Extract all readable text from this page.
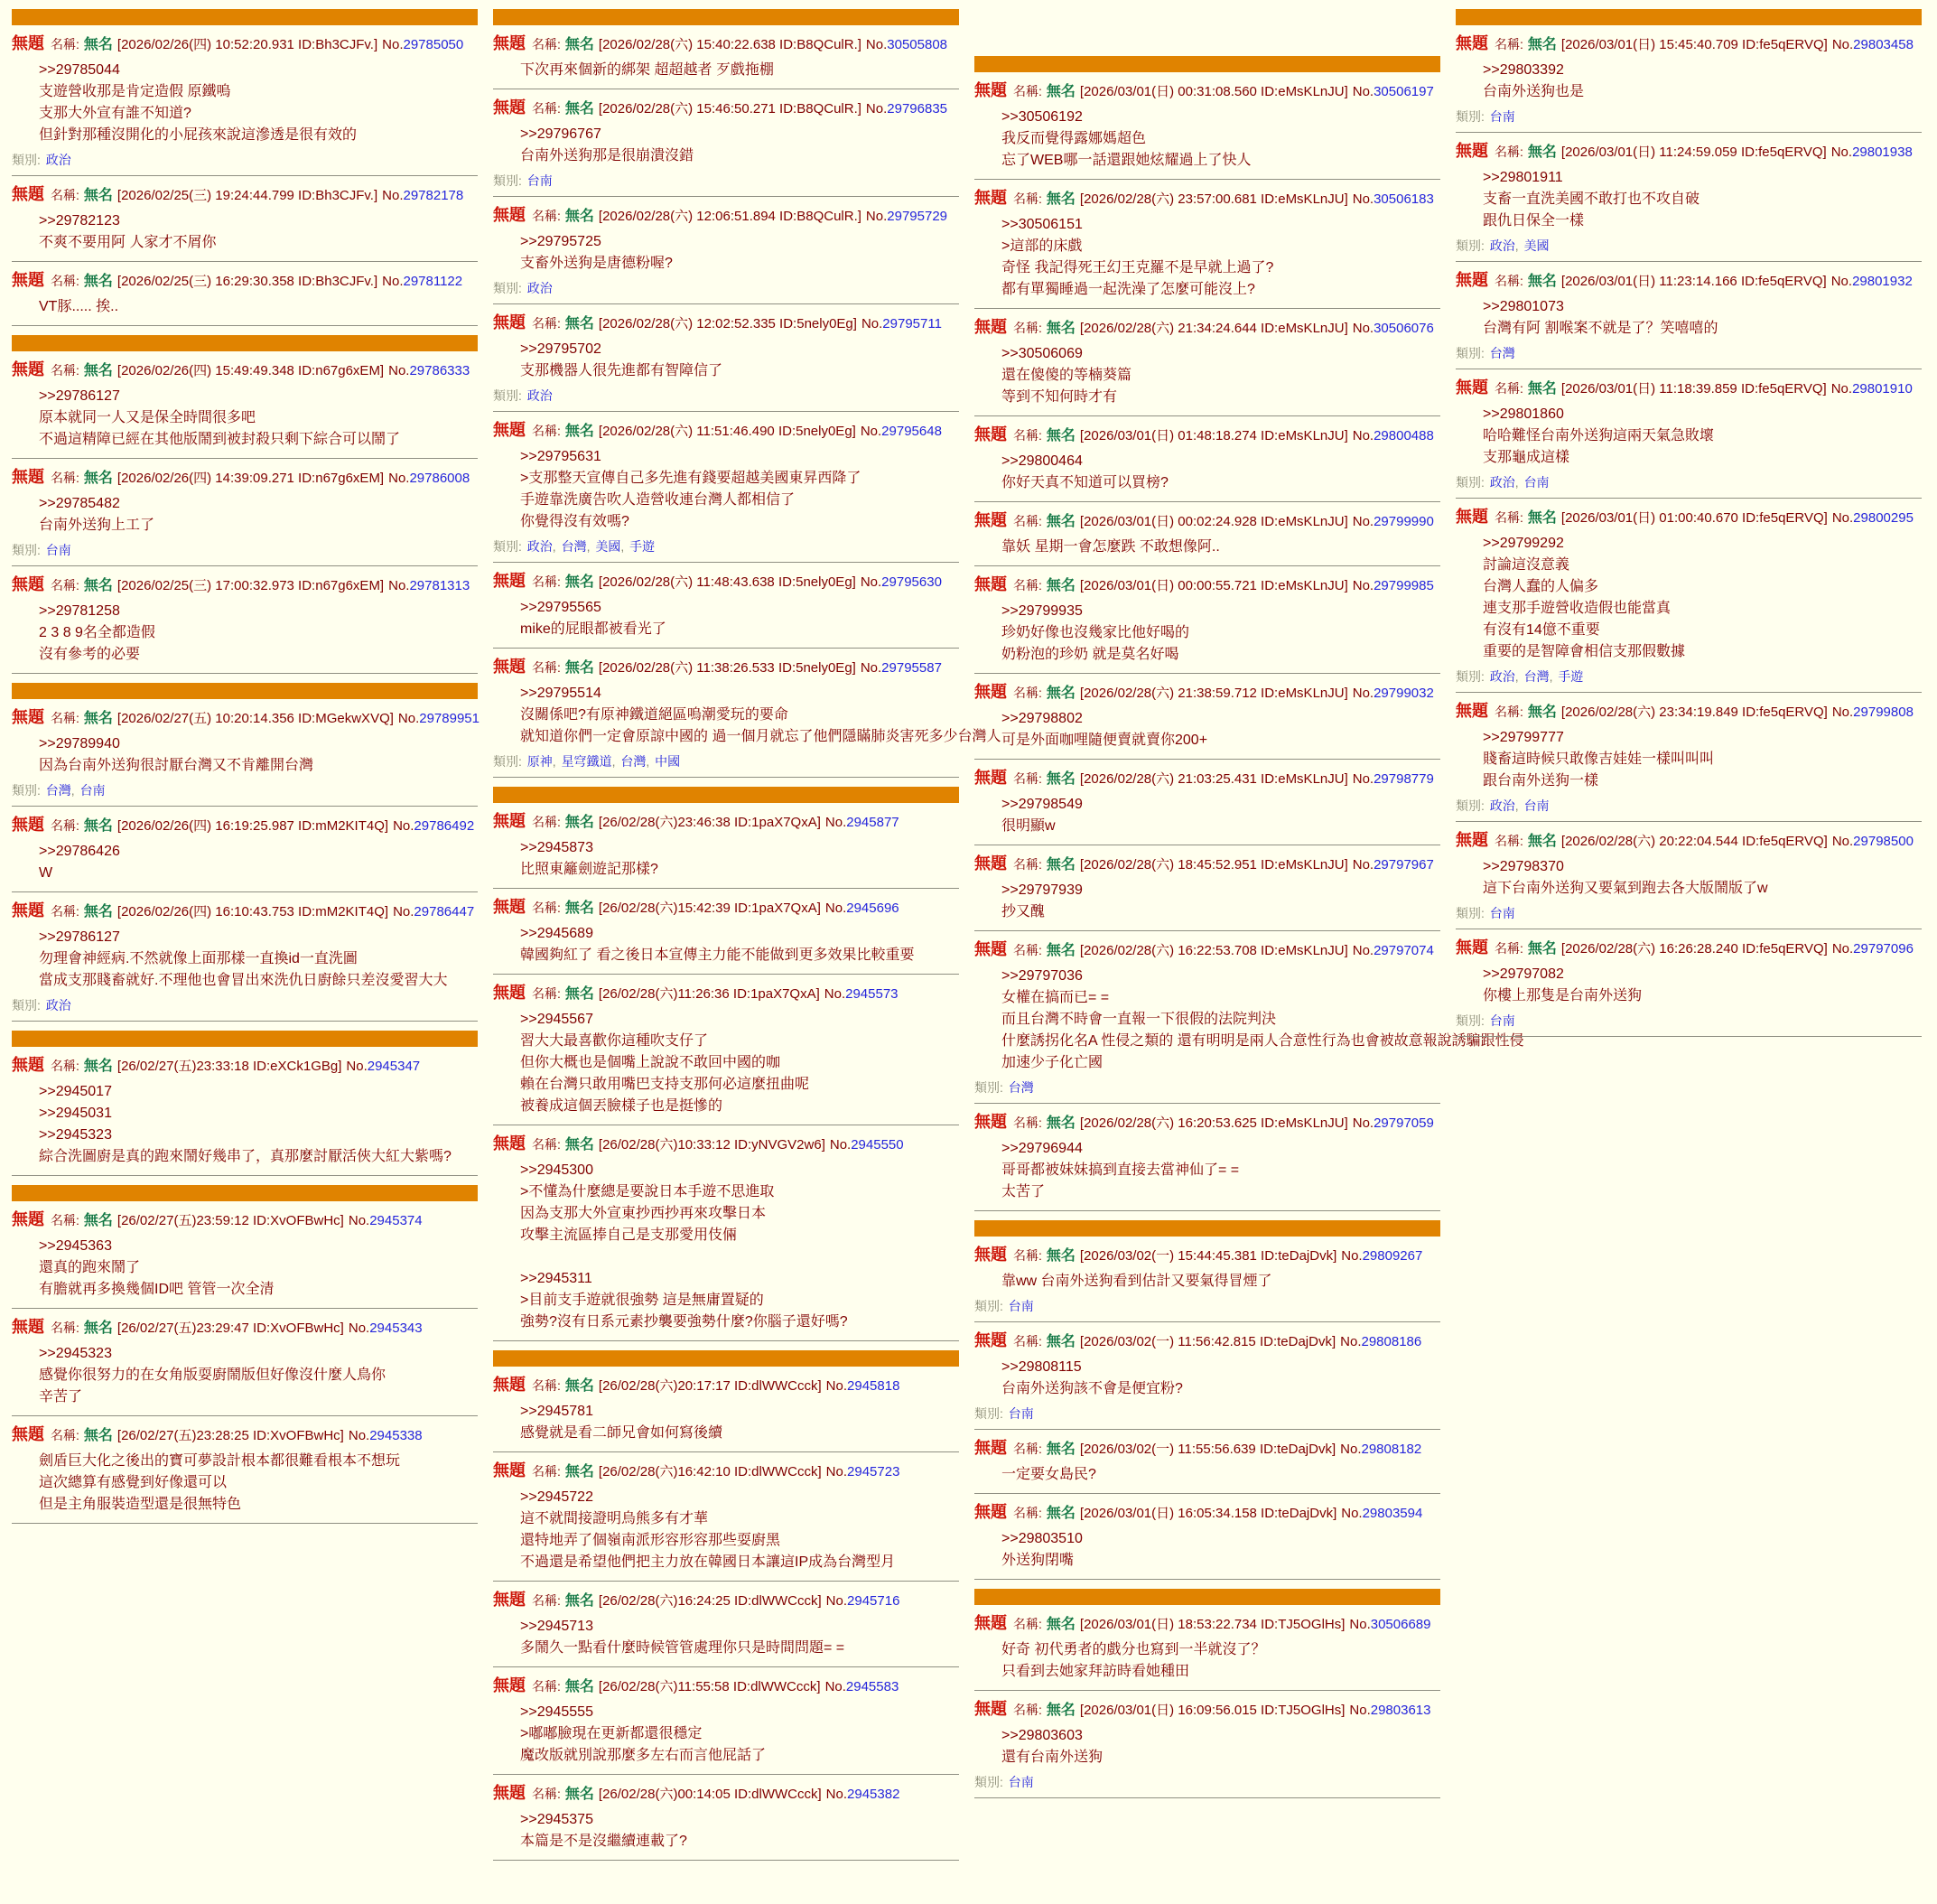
無題 名稱: 無名 [2026/02/26(四) 10:52:20.931 ID:Bh3CJFv.] No.29785050
>>29785044
支遊營收那是肯定造假 原鐵嗚
支那大外宣有誰不知道?
但針對那種沒開化的小屁孩來說這滲透是很有效的
類別: 政治
無題 名稱: 無名 [2026/02/25(三) 19:24:44.799 ID:Bh3CJFv.] No.29782178
>>29782123
不爽不要用阿 人家才不屑你
無題 名稱: 無名 [2026/02/25(三) 16:29:30.358 ID:Bh3CJFv.] No.29781122
VT豚..... 挨..
無題 名稱: 無名 [2026/02/26(四) 15:49:49.348 ID:n67g6xEM] No.29786333
>>29786127
原本就同一人又是保全時間很多吧
不過這精障已經在其他版鬧到被封殺只剩下綜合可以鬧了
無題 名稱: 無名 [2026/02/26(四) 14:39:09.271 ID:n67g6xEM] No.29786008
>>29785482
台南外送狗上工了
類別: 台南
無題 名稱: 無名 [2026/02/25(三) 17:00:32.973 ID:n67g6xEM] No.29781313
>>29781258
2 3 8 9名全都造假
沒有參考的必要
無題 名稱: 無名 [2026/02/27(五) 10:20:14.356 ID:MGekwXVQ] No.29789951
>>29789940
因為台南外送狗很討厭台灣又不肯離開台灣
類別: 台灣, 台南
無題 名稱: 無名 [2026/02/26(四) 16:19:25.987 ID:mM2KIT4Q] No.29786492
>>29786426
W
無題 名稱: 無名 [2026/02/26(四) 16:10:43.753 ID:mM2KIT4Q] No.29786447
>>29786127
勿理會神經病.不然就像上面那樣一直換id一直洗圖
當成支那賤畜就好.不理他也會冒出來洗仇日廚餘只差沒愛習大大
類別: 政治
無題 名稱: 無名 [26/02/27(五)23:33:18 ID:eXCk1GBg] No.2945347
>>2945017
>>2945031
>>2945323
綜合洗圖廚是真的跑來鬧好幾串了，真那麼討厭活俠大紅大紫嗎?
無題 名稱: 無名 [26/02/27(五)23:59:12 ID:XvOFBwHc] No.2945374
>>2945363
還真的跑來鬧了
有膽就再多換幾個ID吧 管管一次全清
無題 名稱: 無名 [26/02/27(五)23:29:47 ID:XvOFBwHc] No.2945343
>>2945323
感覺你很努力的在女角版耍廚鬧版但好像沒什麼人鳥你
辛苦了
無題 名稱: 無名 [26/02/27(五)23:28:25 ID:XvOFBwHc] No.2945338
劍盾巨大化之後出的寶可夢設計根本都很難看根本不想玩
這次總算有感覺到好像還可以
但是主角服裝造型還是很無特色
無題 名稱: 無名 [2026/02/28(六) 15:40:22.638 ID:B8QCulR.] No.30505808
下次再來個新的綁架 超超越者 歹戲拖棚
無題 名稱: 無名 [2026/02/28(六) 15:46:50.271 ID:B8QCulR.] No.29796835
>>29796767
台南外送狗那是很崩潰沒錯
類別: 台南
無題 名稱: 無名 [2026/02/28(六) 12:06:51.894 ID:B8QCulR.] No.29795729
>>29795725
支畜外送狗是唐德粉喔?
類別: 政治
無題 名稱: 無名 [2026/02/28(六) 12:02:52.335 ID:5nely0Eg] No.29795711
>>29795702
支那機器人很先進都有智障信了
類別: 政治
無題 名稱: 無名 [2026/02/28(六) 11:51:46.490 ID:5nely0Eg] No.29795648
>>29795631
>支那整天宣傳自己多先進有錢要超越美國東昇西降了
手遊靠洗廣告吹人造營收連台灣人都相信了
你覺得沒有效嗎?
類別: 政治, 台灣, 美國, 手遊
無題 名稱: 無名 [2026/02/28(六) 11:48:43.638 ID:5nely0Eg] No.29795630
>>29795565
mike的屁眼都被看光了
無題 名稱: 無名 [2026/02/28(六) 11:38:26.533 ID:5nely0Eg] No.29795587
>>29795514
沒關係吧?有原神鐵道絕區嗚潮愛玩的要命
就知道你們一定會原諒中國的 過一個月就忘了他們隱瞞肺炎害死多少台灣人
類別: 原神, 星穹鐵道, 台灣, 中國
無題 名稱: 無名 [26/02/28(六)23:46:38 ID:1paX7QxA] No.2945877
>>2945873
比照東籬劍遊記那樣?
無題 名稱: 無名 [26/02/28(六)15:42:39 ID:1paX7QxA] No.2945696
>>2945689
韓國夠紅了 看之後日本宣傳主力能不能做到更多效果比較重要
無題 名稱: 無名 [26/02/28(六)11:26:36 ID:1paX7QxA] No.2945573
>>2945567
習大大最喜歡你這種吹支仔了
但你大概也是個嘴上說說不敢回中國的咖
賴在台灣只敢用嘴巴支持支那何必這麼扭曲呢
被養成這個丟臉樣子也是挺慘的
無題 名稱: 無名 [26/02/28(六)10:33:12 ID:yNVGV2w6] No.2945550
>>2945300
>不懂為什麼總是要說日本手遊不思進取
因為支那大外宣東抄西抄再來攻擊日本
攻擊主流區捧自己是支那愛用伎倆

>>2945311
>目前支手遊就很強勢 這是無庸置疑的
強勢?沒有日系元素抄襲要強勢什麼?你腦子還好嗎?
無題 名稱: 無名 [26/02/28(六)20:17:17 ID:dlWWCcck] No.2945818
>>2945781
感覺就是看二師兄會如何寫後續
無題 名稱: 無名 [26/02/28(六)16:42:10 ID:dlWWCcck] No.2945723
>>2945722
這不就間接證明烏熊多有才華
還特地弄了個嶺南派形容形容那些耍廚黑
不過還是希望他們把主力放在韓國日本讓這IP成為台灣型月
無題 名稱: 無名 [26/02/28(六)16:24:25 ID:dlWWCcck] No.2945716
>>2945713
多鬧久一點看什麼時候管管處理你只是時間問題= =
無題 名稱: 無名 [26/02/28(六)11:55:58 ID:dlWWCcck] No.2945583
>>2945555
>嘟嘟臉現在更新都還很穩定
魔改版就別說那麼多左右而言他屁話了
無題 名稱: 無名 [26/02/28(六)00:14:05 ID:dlWWCcck] No.2945382
>>2945375
本篇是不是沒繼續連載了?
無題 名稱: 無名 [2026/03/01(日) 00:31:08.560 ID:eMsKLnJU] No.30506197
>>30506192
我反而覺得露娜媽超色
忘了WEB哪一話還跟她炫耀過上了快人
無題 名稱: 無名 [2026/02/28(六) 23:57:00.681 ID:eMsKLnJU] No.30506183
>>30506151
>這部的床戲
奇怪 我記得死王幻王克羅不是早就上過了?
都有單獨睡過一起洗澡了怎麼可能沒上?
無題 名稱: 無名 [2026/02/28(六) 21:34:24.644 ID:eMsKLnJU] No.30506076
>>30506069
還在傻傻的等楠葵篇
等到不知何時才有
無題 名稱: 無名 [2026/03/01(日) 01:48:18.274 ID:eMsKLnJU] No.29800488
>>29800464
你好天真不知道可以買榜?
無題 名稱: 無名 [2026/03/01(日) 00:02:24.928 ID:eMsKLnJU] No.29799990
靠妖 星期一會怎麼跌 不敢想像阿..
無題 名稱: 無名 [2026/03/01(日) 00:00:55.721 ID:eMsKLnJU] No.29799985
>>29799935
珍奶好像也沒幾家比他好喝的
奶粉泡的珍奶 就是莫名好喝
無題 名稱: 無名 [2026/02/28(六) 21:38:59.712 ID:eMsKLnJU] No.29799032
>>29798802
可是外面咖哩隨便賣就賣你200+
無題 名稱: 無名 [2026/02/28(六) 21:03:25.431 ID:eMsKLnJU] No.29798779
>>29798549
很明顯w
無題 名稱: 無名 [2026/02/28(六) 18:45:52.951 ID:eMsKLnJU] No.29797967
>>29797939
抄又醜
無題 名稱: 無名 [2026/02/28(六) 16:22:53.708 ID:eMsKLnJU] No.29797074
>>29797036
女權在搞而已= =
而且台灣不時會一直報一下很假的法院判決
什麼誘拐化名A 性侵之類的 還有明明是兩人合意性行為也會被故意報說誘騙跟性侵
加速少子化亡國
類別: 台灣
無題 名稱: 無名 [2026/02/28(六) 16:20:53.625 ID:eMsKLnJU] No.29797059
>>29796944
哥哥都被妹妹搞到直接去當神仙了= =
太苦了
無題 名稱: 無名 [2026/03/02(一) 15:44:45.381 ID:teDajDvk] No.29809267
靠ww 台南外送狗看到估計又要氣得冒煙了
類別: 台南
無題 名稱: 無名 [2026/03/02(一) 11:56:42.815 ID:teDajDvk] No.29808186
>>29808115
台南外送狗該不會是便宜粉?
類別: 台南
無題 名稱: 無名 [2026/03/02(一) 11:55:56.639 ID:teDajDvk] No.29808182
一定要女島民?
無題 名稱: 無名 [2026/03/01(日) 16:05:34.158 ID:teDajDvk] No.29803594
>>29803510
外送狗閉嘴
無題 名稱: 無名 [2026/03/01(日) 18:53:22.734 ID:TJ5OGlHs] No.30506689
好奇 初代勇者的戲分也寫到一半就沒了？
只看到去她家拜訪時看她種田
無題 名稱: 無名 [2026/03/01(日) 16:09:56.015 ID:TJ5OGlHs] No.29803613
>>29803603
還有台南外送狗
類別: 台南
無題 名稱: 無名 [2026/03/01(日) 15:45:40.709 ID:fe5qERVQ] No.29803458
>>29803392
台南外送狗也是
類別: 台南
無題 名稱: 無名 [2026/03/01(日) 11:24:59.059 ID:fe5qERVQ] No.29801938
>>29801911
支畜一直洗美國不敢打也不攻自破
跟仇日保全一樣
類別: 政治, 美國
無題 名稱: 無名 [2026/03/01(日) 11:23:14.166 ID:fe5qERVQ] No.29801932
>>29801073
台灣有阿 割喉案不就是了？笑嘻嘻的
類別: 台灣
無題 名稱: 無名 [2026/03/01(日) 11:18:39.859 ID:fe5qERVQ] No.29801910
>>29801860
哈哈難怪台南外送狗這兩天氣急敗壞
支那龜成這樣
類別: 政治, 台南
無題 名稱: 無名 [2026/03/01(日) 01:00:40.670 ID:fe5qERVQ] No.29800295
>>29799292
討論這沒意義
台灣人蠢的人偏多
連支那手遊營收造假也能當真
有沒有14億不重要
重要的是智障會相信支那假數據
類別: 政治, 台灣, 手遊
無題 名稱: 無名 [2026/02/28(六) 23:34:19.849 ID:fe5qERVQ] No.29799808
>>29799777
賤畜這時候只敢像吉娃娃一樣叫叫叫
跟台南外送狗一樣
類別: 政治, 台南
無題 名稱: 無名 [2026/02/28(六) 20:22:04.544 ID:fe5qERVQ] No.29798500
>>29798370
這下台南外送狗又要氣到跑去各大版鬧版了w
類別: 台南
無題 名稱: 無名 [2026/02/28(六) 16:26:28.240 ID:fe5qERVQ] No.29797096
>>29797082
你樓上那隻是台南外送狗
類別: 台南
